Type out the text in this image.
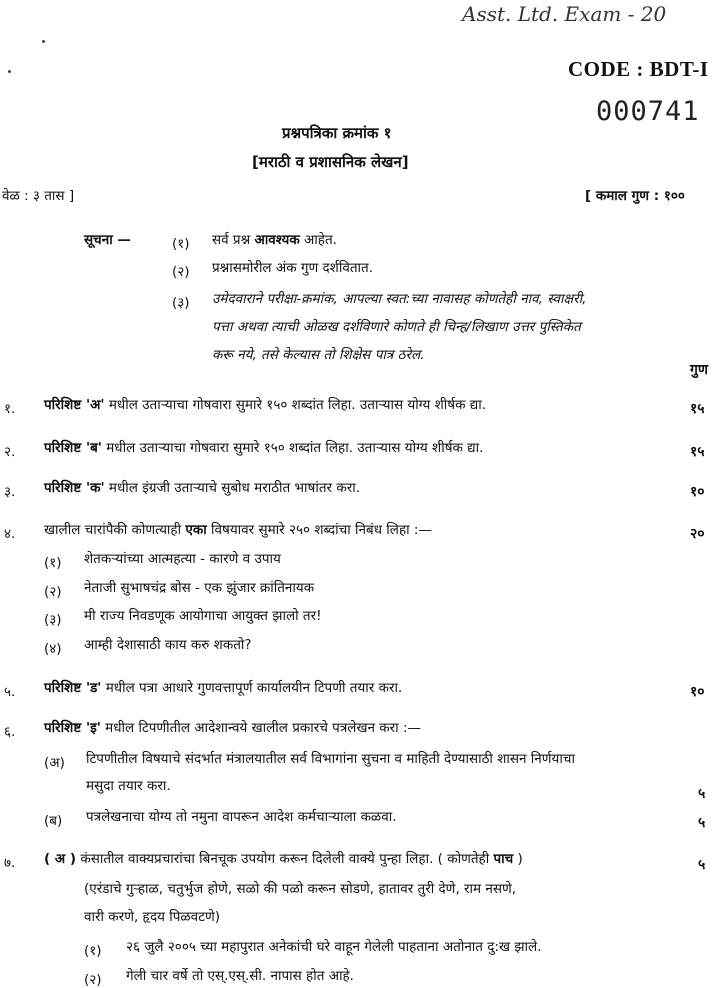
Asst. Ltd. Exam - 20
CODE : BDT-I
000741
प्रश्नपत्रिका क्रमांक १
[मराठी व प्रशासनिक लेखन]
वेळ : ३ तास ]	[ कमाल गुण : १००
सूचना —	(१) सर्व प्रश्न आवश्यक आहेत.
(२) प्रश्नासमोरील अंक गुण दर्शवितात.
(३) उमेदवाराने परीक्षा-क्रमांक, आपल्या स्वत:च्या नावासह कोणतेही नाव, स्वाक्षरी,
पत्ता अथवा त्याची ओळख दर्शविणारे कोणते ही चिन्ह/लिखाण उत्तर पुस्तिकेत
करू नये, तसे केल्यास तो शिक्षेस पात्र ठरेल.
गुण
१. परिशिष्ट 'अ' मधील उताऱ्याचा गोषवारा सुमारे १५० शब्दांत लिहा. उताऱ्यास योग्य शीर्षक द्या.	१५
२. परिशिष्ट 'ब' मधील उताऱ्याचा गोषवारा सुमारे १५० शब्दांत लिहा. उताऱ्यास योग्य शीर्षक द्या.	१५
३. परिशिष्ट 'क' मधील इंग्रजी उताऱ्याचे सुबोध मराठीत भाषांतर करा.	१०
४. खालील चारांपैकी कोणत्याही एका विषयावर सुमारे २५० शब्दांचा निबंध लिहा :—	२०
(१) शेतकऱ्यांच्या आत्महत्या - कारणे व उपाय
(२) नेताजी सुभाषचंद्र बोस - एक झुंजार क्रांतिनायक
(३) मी राज्य निवडणूक आयोगाचा आयुक्त झालो तर!
(४) आम्ही देशासाठी काय करु शकतो?
५. परिशिष्ट 'ड' मधील पत्रा आधारे गुणवत्तापूर्ण कार्यालयीन टिपणी तयार करा.	१०
६. परिशिष्ट 'इ' मधील टिपणीतील आदेशान्वये खालील प्रकारचे पत्रलेखन करा :—
(अ) टिपणीतील विषयाचे संदर्भात मंत्रालयातील सर्व विभागांना सुचना व माहिती देण्यासाठी शासन निर्णयाचा
मसुदा तयार करा.	५
(ब) पत्रलेखनाचा योग्य तो नमुना वापरून आदेश कर्मचाऱ्याला कळवा.	५
७. ( अ ) कंसातील वाक्यप्रचारांचा बिनचूक उपयोग करून दिलेली वाक्ये पुन्हा लिहा. ( कोणतेही पाच )	५
(एरंडाचे गुऱ्हाळ, चतुर्भुज होणे, सळो की पळो करून सोडणे, हातावर तुरी देणे, राम नसणे,
वारी करणे, हृदय पिळवटणे)
(१) २६ जुलै २००५ च्या महापुरात अनेकांची घरे वाहून गेलेली पाहताना अतोनात दु:ख झाले.
(२) गेली चार वर्षे तो एस्.एस्.सी. नापास होत आहे.
